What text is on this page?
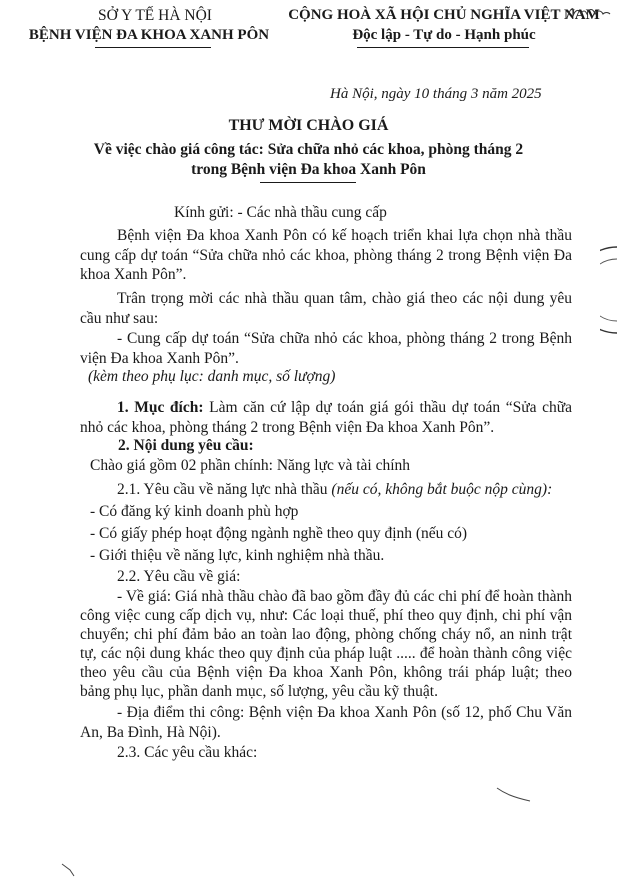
SỞ Y TẾ HÀ NỘI
BỆNH VIỆN ĐA KHOA XANH PÔN
CỘNG HOÀ XÃ HỘI CHỦ NGHĨA VIỆT NAM
Độc lập - Tự do - Hạnh phúc
Hà Nội, ngày 10 tháng 3 năm 2025
THƯ MỜI CHÀO GIÁ
Về việc chào giá công tác: Sửa chữa nhỏ các khoa, phòng tháng 2
trong Bệnh viện Đa khoa Xanh Pôn
Kính gửi: - Các nhà thầu cung cấp
Bệnh viện Đa khoa Xanh Pôn có kế hoạch triển khai lựa chọn nhà thầu cung cấp dự toán “Sửa chữa nhỏ các khoa, phòng tháng 2 trong Bệnh viện Đa khoa Xanh Pôn”.
Trân trọng mời các nhà thầu quan tâm, chào giá theo các nội dung yêu cầu như sau:
- Cung cấp dự toán “Sửa chữa nhỏ các khoa, phòng tháng 2 trong Bệnh viện Đa khoa Xanh Pôn”.
(kèm theo phụ lục: danh mục, số lượng)
1. Mục đích: Làm căn cứ lập dự toán giá gói thầu dự toán “Sửa chữa nhỏ các khoa, phòng tháng 2 trong Bệnh viện Đa khoa Xanh Pôn”.
2. Nội dung yêu cầu:
Chào giá gồm 02 phần chính: Năng lực và tài chính
2.1. Yêu cầu về năng lực nhà thầu (nếu có, không bắt buộc nộp cùng):
- Có đăng ký kinh doanh phù hợp
- Có giấy phép hoạt động ngành nghề theo quy định (nếu có)
- Giới thiệu về năng lực, kinh nghiệm nhà thầu.
2.2. Yêu cầu về giá:
- Về giá: Giá nhà thầu chào đã bao gồm đầy đủ các chi phí để hoàn thành công việc cung cấp dịch vụ, như: Các loại thuế, phí theo quy định, chi phí vận chuyển; chi phí đảm bảo an toàn lao động, phòng chống cháy nổ, an ninh trật tự, các nội dung khác theo quy định của pháp luật ..... để hoàn thành công việc theo yêu cầu của Bệnh viện Đa khoa Xanh Pôn, không trái pháp luật; theo bảng phụ lục, phần danh mục, số lượng, yêu cầu kỹ thuật.
- Địa điểm thi công: Bệnh viện Đa khoa Xanh Pôn (số 12, phố Chu Văn An, Ba Đình, Hà Nội).
2.3. Các yêu cầu khác:
